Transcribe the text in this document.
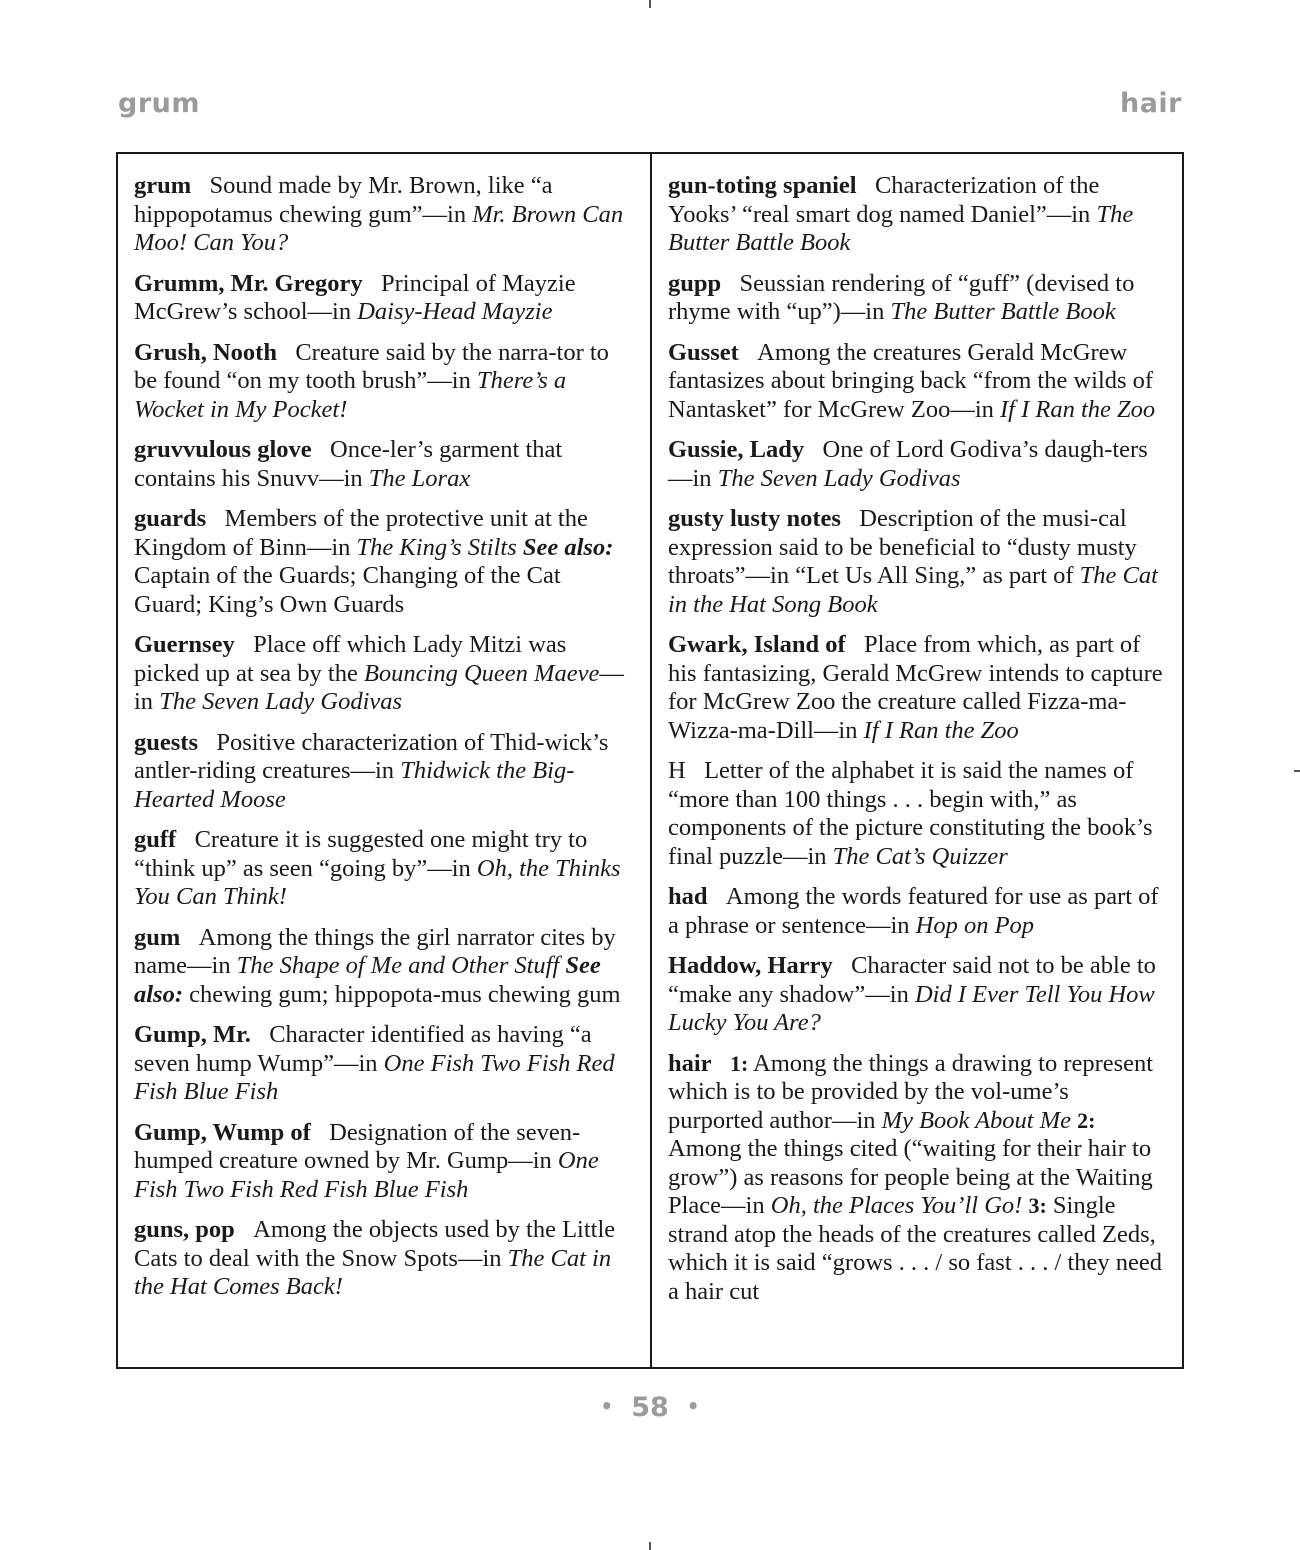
grum	hair
grum Sound made by Mr. Brown, like “a hippopotamus chewing gum”—in Mr. Brown Can Moo! Can You?
Grumm, Mr. Gregory Principal of Mayzie McGrew’s school—in Daisy-Head Mayzie
Grush, Nooth Creature said by the narra-tor to be found “on my tooth brush”—in There’s a Wocket in My Pocket!
gruvvulous glove Once-ler’s garment that contains his Snuvv—in The Lorax
guards Members of the protective unit at the Kingdom of Binn—in The King’s Stilts See also: Captain of the Guards; Changing of the Cat Guard; King’s Own Guards
Guernsey Place off which Lady Mitzi was picked up at sea by the Bouncing Queen Maeve—in The Seven Lady Godivas
guests Positive characterization of Thid-wick’s antler-riding creatures—in Thidwick the Big-Hearted Moose
guff Creature it is suggested one might try to “think up” as seen “going by”—in Oh, the Thinks You Can Think!
gum Among the things the girl narrator cites by name—in The Shape of Me and Other Stuff See also: chewing gum; hippopota-mus chewing gum
Gump, Mr. Character identified as having “a seven hump Wump”—in One Fish Two Fish Red Fish Blue Fish
Gump, Wump of Designation of the seven-humped creature owned by Mr. Gump—in One Fish Two Fish Red Fish Blue Fish
guns, pop Among the objects used by the Little Cats to deal with the Snow Spots—in The Cat in the Hat Comes Back!
gun-toting spaniel Characterization of the Yooks’ “real smart dog named Daniel”—in The Butter Battle Book
gupp Seussian rendering of “guff” (devised to rhyme with “up”)—in The Butter Battle Book
Gusset Among the creatures Gerald McGrew fantasizes about bringing back “from the wilds of Nantasket” for McGrew Zoo—in If I Ran the Zoo
Gussie, Lady One of Lord Godiva’s daugh-ters—in The Seven Lady Godivas
gusty lusty notes Description of the musi-cal expression said to be beneficial to “dusty musty throats”—in “Let Us All Sing,” as part of The Cat in the Hat Song Book
Gwark, Island of Place from which, as part of his fantasizing, Gerald McGrew intends to capture for McGrew Zoo the creature called Fizza-ma-Wizza-ma-Dill—in If I Ran the Zoo
H Letter of the alphabet it is said the names of “more than 100 things . . . begin with,” as components of the picture constituting the book’s final puzzle—in The Cat’s Quizzer
had Among the words featured for use as part of a phrase or sentence—in Hop on Pop
Haddow, Harry Character said not to be able to “make any shadow”—in Did I Ever Tell You How Lucky You Are?
hair 1: Among the things a drawing to represent which is to be provided by the vol-ume’s purported author—in My Book About Me 2: Among the things cited (“waiting for their hair to grow”) as reasons for people being at the Waiting Place—in Oh, the Places You’ll Go! 3: Single strand atop the heads of the creatures called Zeds, which it is said “grows . . . / so fast . . . / they need a hair cut
• 58 •
